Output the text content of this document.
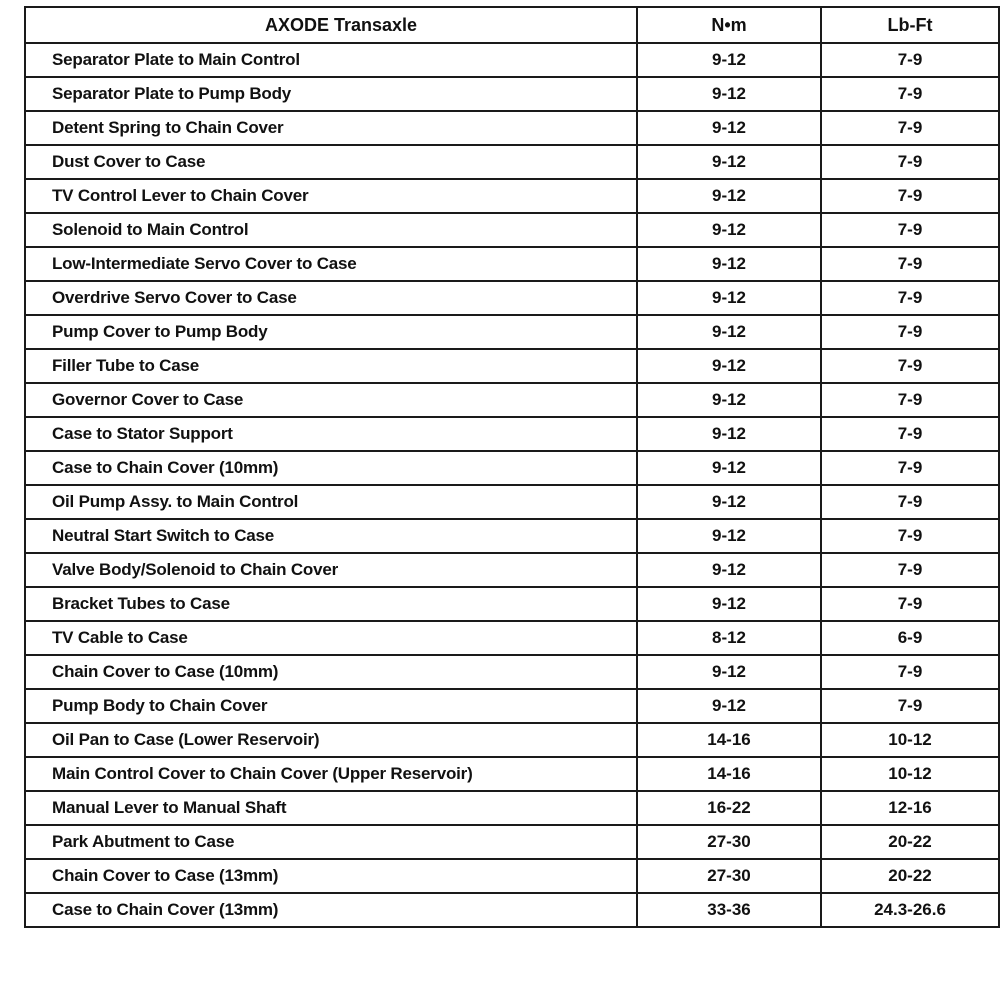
AXODE Transaxle	N•m	Lb-Ft
Separator Plate to Main Control	9-12	7-9
Separator Plate to Pump Body	9-12	7-9
Detent Spring to Chain Cover	9-12	7-9
Dust Cover to Case	9-12	7-9
TV Control Lever to Chain Cover	9-12	7-9
Solenoid to Main Control	9-12	7-9
Low-Intermediate Servo Cover to Case	9-12	7-9
Overdrive Servo Cover to Case	9-12	7-9
Pump Cover to Pump Body	9-12	7-9
Filler Tube to Case	9-12	7-9
Governor Cover to Case	9-12	7-9
Case to Stator Support	9-12	7-9
Case to Chain Cover (10mm)	9-12	7-9
Oil Pump Assy. to Main Control	9-12	7-9
Neutral Start Switch to Case	9-12	7-9
Valve Body/Solenoid to Chain Cover	9-12	7-9
Bracket Tubes to Case	9-12	7-9
TV Cable to Case	8-12	6-9
Chain Cover to Case (10mm)	9-12	7-9
Pump Body to Chain Cover	9-12	7-9
Oil Pan to Case (Lower Reservoir)	14-16	10-12
Main Control Cover to Chain Cover (Upper Reservoir)	14-16	10-12
Manual Lever to Manual Shaft	16-22	12-16
Park Abutment to Case	27-30	20-22
Chain Cover to Case (13mm)	27-30	20-22
Case to Chain Cover (13mm)	33-36	24.3-26.6
